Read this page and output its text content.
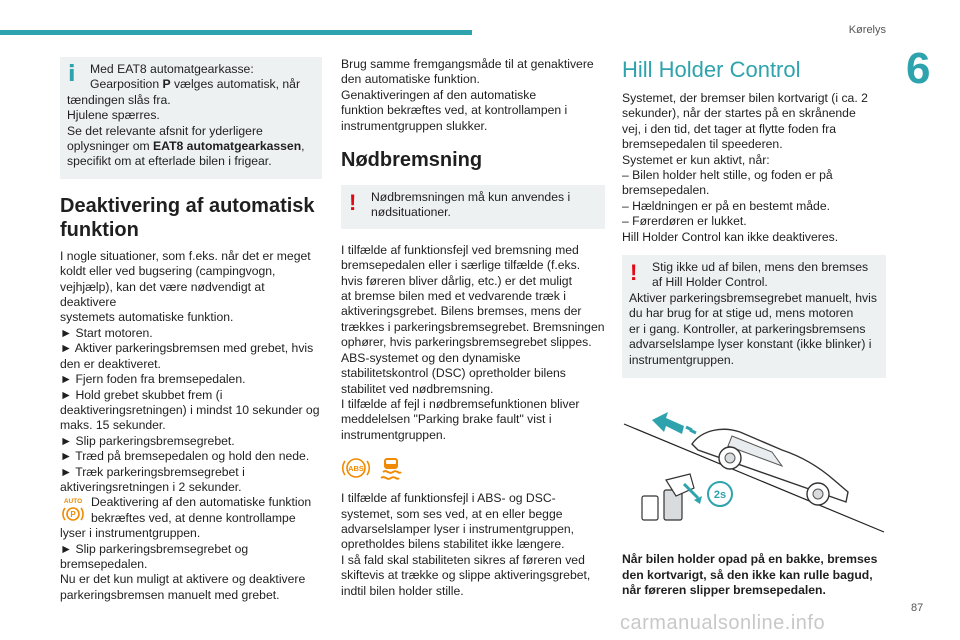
Kørelys
6
i	Med EAT8 automatgearkasse:

Gearposition P vælges automatisk, når

tændingen slås fra.

Hjulene spærres.

Se det relevante afsnit for yderligere

oplysninger om EAT8 automatgearkassen,

specifikt om at efterlade bilen i frigear.

Deaktivering af automatisk funktion

I nogle situationer, som f.eks. når det er meget

koldt eller ved bugsering (campingvogn,

vejhjælp), kan det være nødvendigt at deaktivere

systemets automatiske funktion.

► Start motoren.

► Aktiver parkeringsbremsen med grebet, hvis

den er deaktiveret.

► Fjern foden fra bremsepedalen.

► Hold grebet skubbet frem (i

deaktiveringsretningen) i mindst 10 sekunder og

maks. 15 sekunder.

► Slip parkeringsbremsegrebet.

► Træd på bremsepedalen og hold den nede.

► Træk parkeringsbremsegrebet i

aktiveringsretningen i 2 sekunder.

AUTO
P

Deaktivering af den automatiske funktion

bekræftes ved, at denne kontrollampe

lyser i instrumentgruppen.

► Slip parkeringsbremsegrebet og

bremsepedalen.

Nu er det kun muligt at aktivere og deaktivere

parkeringsbremsen manuelt med grebet.

Brug samme fremgangsmåde til at genaktivere

den automatiske funktion.

Genaktiveringen af den automatiske

funktion bekræftes ved, at kontrollampen i

instrumentgruppen slukker.

Nødbremsning
!	Nødbremsningen må kun anvendes i

nødsituationer.

I tilfælde af funktionsfejl ved bremsning med

bremsepedalen eller i særlige tilfælde (f.eks.

hvis føreren bliver dårlig, etc.) er det muligt

at bremse bilen med et vedvarende træk i

aktiveringsgrebet. Bilens bremses, mens der

trækkes i parkeringsbremsegrebet. Bremsningen

ophører, hvis parkeringsbremsegrebet slippes.

ABS-systemet og den dynamiske

stabilitetskontrol (DSC) opretholder bilens

stabilitet ved nødbremsning.

I tilfælde af fejl i nødbremsefunktionen bliver

meddelelsen "Parking brake fault" vist i

instrumentgruppen.

ABS

I tilfælde af funktionsfejl i ABS- og DSC-

systemet, som ses ved, at en eller begge

advarselslamper lyser i instrumentgruppen,

opretholdes bilens stabilitet ikke længere.

I så fald skal stabiliteten sikres af føreren ved

skiftevis at trække og slippe aktiveringsgrebet,

indtil bilen holder stille.

Hill Holder Control

Systemet, der bremser bilen kortvarigt (i ca. 2

sekunder), når der startes på en skrånende

vej, i den tid, det tager at flytte foden fra

bremsepedalen til speederen.

Systemet er kun aktivt, når:

– Bilen holder helt stille, og foden er på

bremsepedalen.

– Hældningen er på en bestemt måde.

– Førerdøren er lukket.

Hill Holder Control kan ikke deaktiveres.

!	Stig ikke ud af bilen, mens den bremses

af Hill Holder Control.

Aktiver parkeringsbremsegrebet manuelt, hvis

du har brug for at stige ud, mens motoren

er i gang. Kontroller, at parkeringsbremsens

advarselslampe lyser konstant (ikke blinker) i

instrumentgruppen.

2s

Når bilen holder opad på en bakke, bremses

den kortvarigt, så den ikke kan rulle bagud,

når føreren slipper bremsepedalen.

87
carmanualsonline.info
